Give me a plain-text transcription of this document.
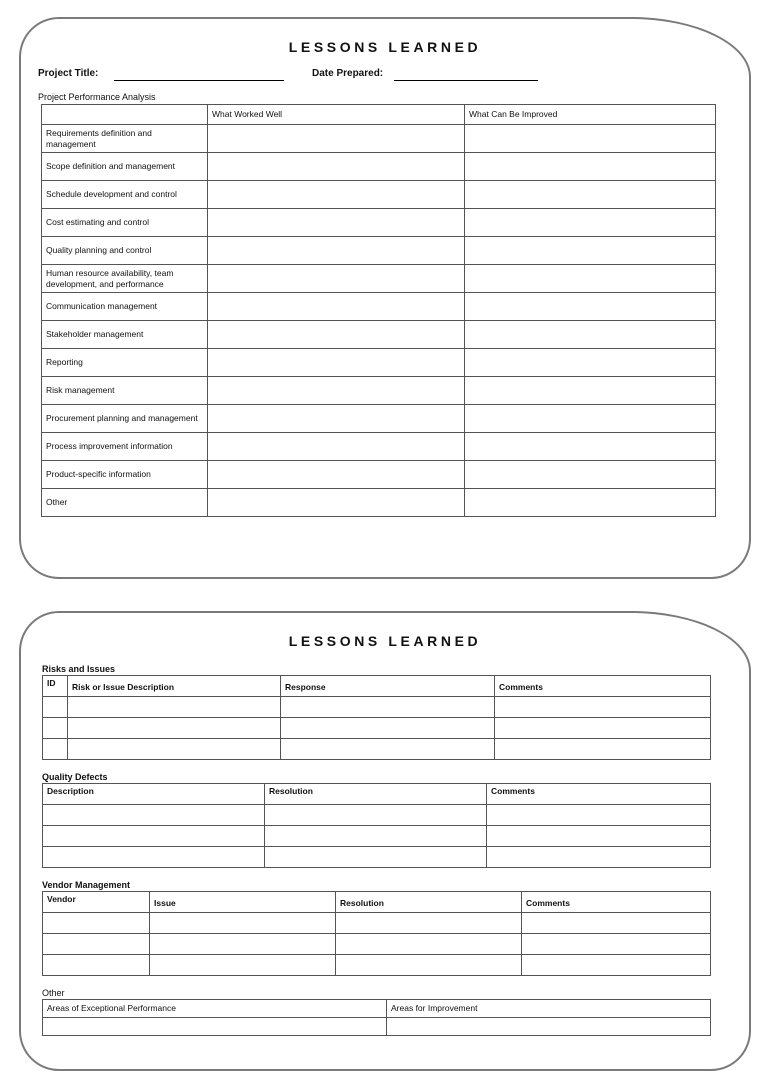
LESSONS LEARNED
Project Title:	Date Prepared:
Project Performance Analysis
	What Worked Well	What Can Be Improved
Requirements definition and management		
Scope definition and management		
Schedule development and control		
Cost estimating and control		
Quality planning and control		
Human resource availability, team development, and performance		
Communication management		
Stakeholder management		
Reporting		
Risk management		
Procurement planning and management		
Process improvement information		
Product-specific information		
Other		
LESSONS LEARNED
Risks and Issues
ID	Risk or Issue Description	Response	Comments

Quality Defects
Description	Resolution	Comments

Vendor Management
Vendor	Issue	Resolution	Comments

Other
Areas of Exceptional Performance	Areas for Improvement
